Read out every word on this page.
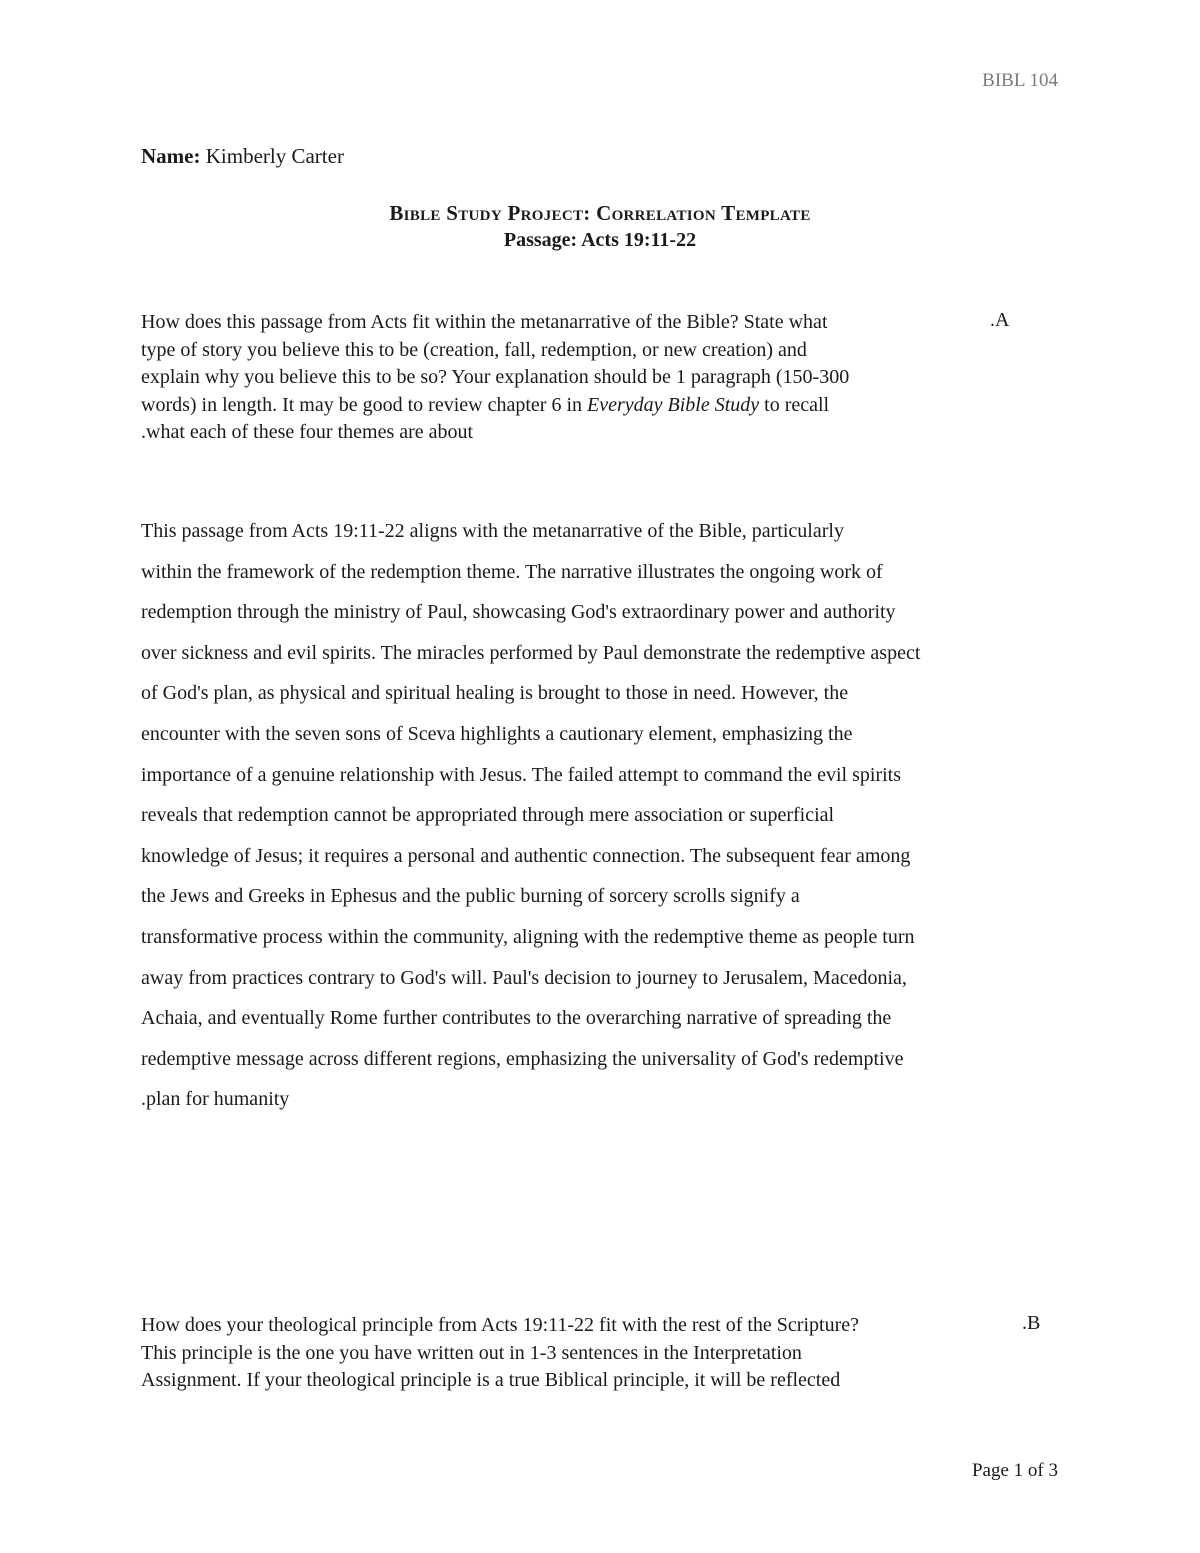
BIBL 104
Name: Kimberly Carter
Bible Study Project: Correlation Template
Passage: Acts 19:11-22
How does this passage from Acts fit within the metanarrative of the Bible? State what
type of story you believe this to be (creation, fall, redemption, or new creation) and
explain why you believe this to be so? Your explanation should be 1 paragraph (150-300
words) in length. It may be good to review chapter 6 in Everyday Bible Study to recall
.what each of these four themes are about
.A
This passage from Acts 19:11-22 aligns with the metanarrative of the Bible, particularly
within the framework of the redemption theme. The narrative illustrates the ongoing work of
redemption through the ministry of Paul, showcasing God's extraordinary power and authority
over sickness and evil spirits. The miracles performed by Paul demonstrate the redemptive aspect
of God's plan, as physical and spiritual healing is brought to those in need. However, the
encounter with the seven sons of Sceva highlights a cautionary element, emphasizing the
importance of a genuine relationship with Jesus. The failed attempt to command the evil spirits
reveals that redemption cannot be appropriated through mere association or superficial
knowledge of Jesus; it requires a personal and authentic connection. The subsequent fear among
the Jews and Greeks in Ephesus and the public burning of sorcery scrolls signify a
transformative process within the community, aligning with the redemptive theme as people turn
away from practices contrary to God's will. Paul's decision to journey to Jerusalem, Macedonia,
Achaia, and eventually Rome further contributes to the overarching narrative of spreading the
redemptive message across different regions, emphasizing the universality of God's redemptive
.plan for humanity
How does your theological principle from Acts 19:11-22 fit with the rest of the Scripture?
This principle is the one you have written out in 1-3 sentences in the Interpretation
Assignment. If your theological principle is a true Biblical principle, it will be reflected
.B
Page 1 of 3
